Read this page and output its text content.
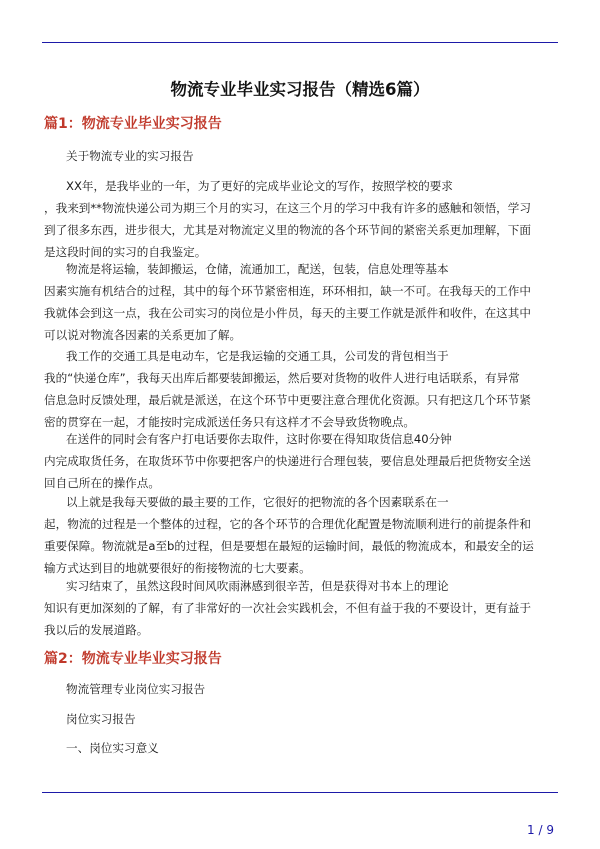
物流专业毕业实习报告（精选6篇）
篇1：物流专业毕业实习报告
关于物流专业的实习报告
XX年，是我毕业的一年，为了更好的完成毕业论文的写作，按照学校的要求
，我来到**物流快递公司为期三个月的实习，在这三个月的学习中我有许多的感触和领悟，学习
到了很多东西，进步很大，尤其是对物流定义里的物流的各个环节间的紧密关系更加理解，下面
是这段时间的实习的自我鉴定。
物流是将运输，装卸搬运，仓储，流通加工，配送，包装，信息处理等基本
因素实施有机结合的过程，其中的每个环节紧密相连，环环相扣，缺一不可。在我每天的工作中
我就体会到这一点，我在公司实习的岗位是小件员，每天的主要工作就是派件和收件，在这其中
可以说对物流各因素的关系更加了解。
我工作的交通工具是电动车，它是我运输的交通工具，公司发的背包相当于
我的“快递仓库”，我每天出库后都要装卸搬运，然后要对货物的收件人进行电话联系，有异常
信息急时反馈处理，最后就是派送，在这个环节中更要注意合理优化资源。只有把这几个环节紧
密的贯穿在一起，才能按时完成派送任务只有这样才不会导致货物晚点。
在送件的同时会有客户打电话要你去取件，这时你要在得知取货信息40分钟
内完成取货任务，在取货环节中你要把客户的快递进行合理包装，要信息处理最后把货物安全送
回自己所在的操作点。
以上就是我每天要做的最主要的工作，它很好的把物流的各个因素联系在一
起，物流的过程是一个整体的过程，它的各个环节的合理优化配置是物流顺利进行的前提条件和
重要保障。物流就是a至b的过程，但是要想在最短的运输时间，最低的物流成本，和最安全的运
输方式达到目的地就要很好的衔接物流的七大要素。
实习结束了，虽然这段时间风吹雨淋感到很辛苦，但是获得对书本上的理论
知识有更加深刻的了解，有了非常好的一次社会实践机会，不但有益于我的不要设计，更有益于
我以后的发展道路。
篇2：物流专业毕业实习报告
物流管理专业岗位实习报告
岗位实习报告
一、岗位实习意义
1 / 9
